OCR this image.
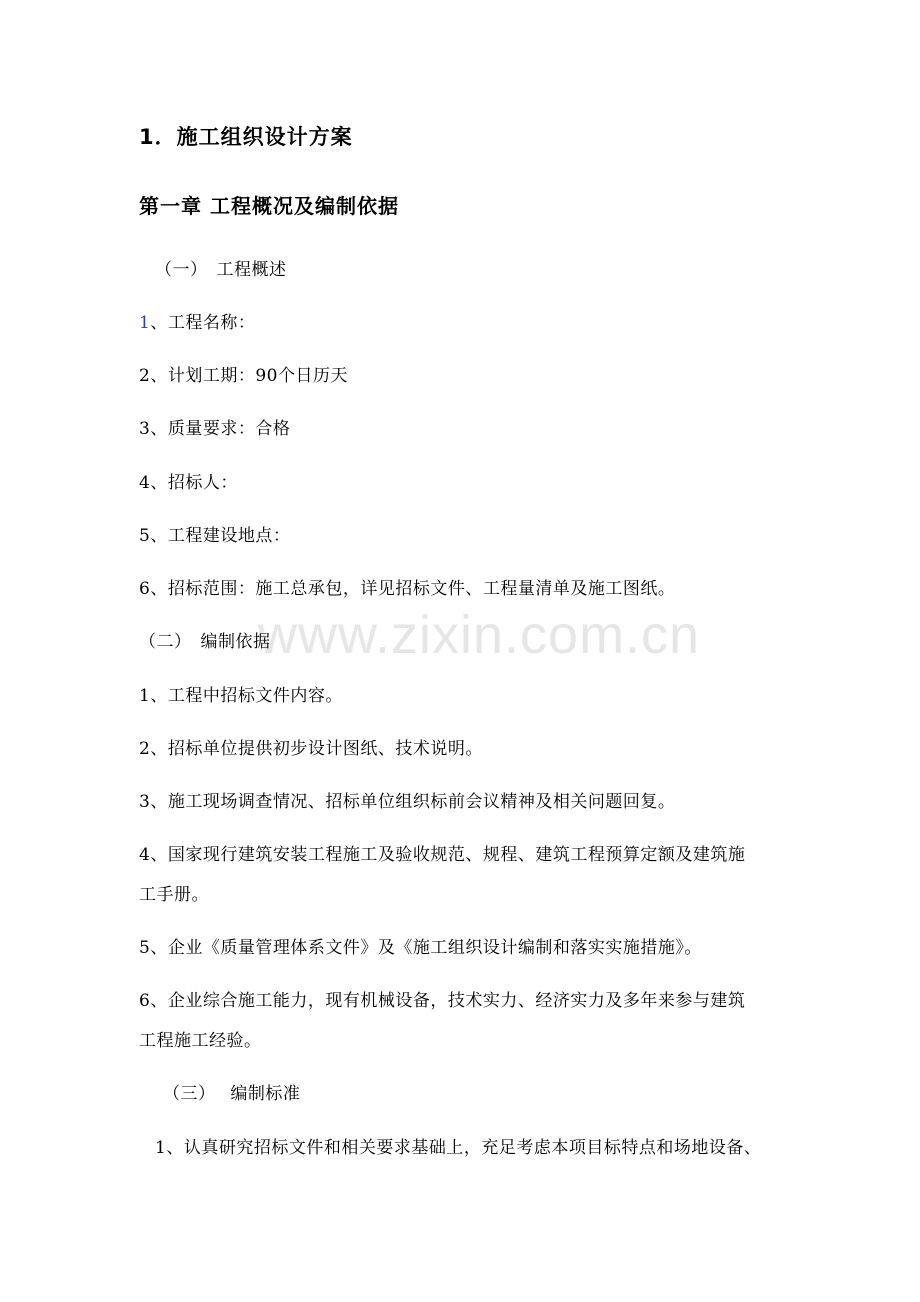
www.zixin.com.cn
1．施工组织设计方案
第一章 工程概况及编制依据
（一）　工程概述
1、工程名称：
2、计划工期：90个日历天
3、质量要求：合格
4、招标人：
5、工程建设地点：
6、招标范围：施工总承包，详见招标文件、工程量清单及施工图纸。
（二）　编制依据
1、工程中招标文件内容。
2、招标单位提供初步设计图纸、技术说明。
3、施工现场调查情况、招标单位组织标前会议精神及相关问题回复。
4、国家现行建筑安装工程施工及验收规范、规程、建筑工程预算定额及建筑施
工手册。
5、企业《质量管理体系文件》及《施工组织设计编制和落实实施措施》。
6、企业综合施工能力，现有机械设备，技术实力、经济实力及多年来参与建筑
工程施工经验。
（三）　 编制标准
1、认真研究招标文件和相关要求基础上，充足考虑本项目标特点和场地设备、
